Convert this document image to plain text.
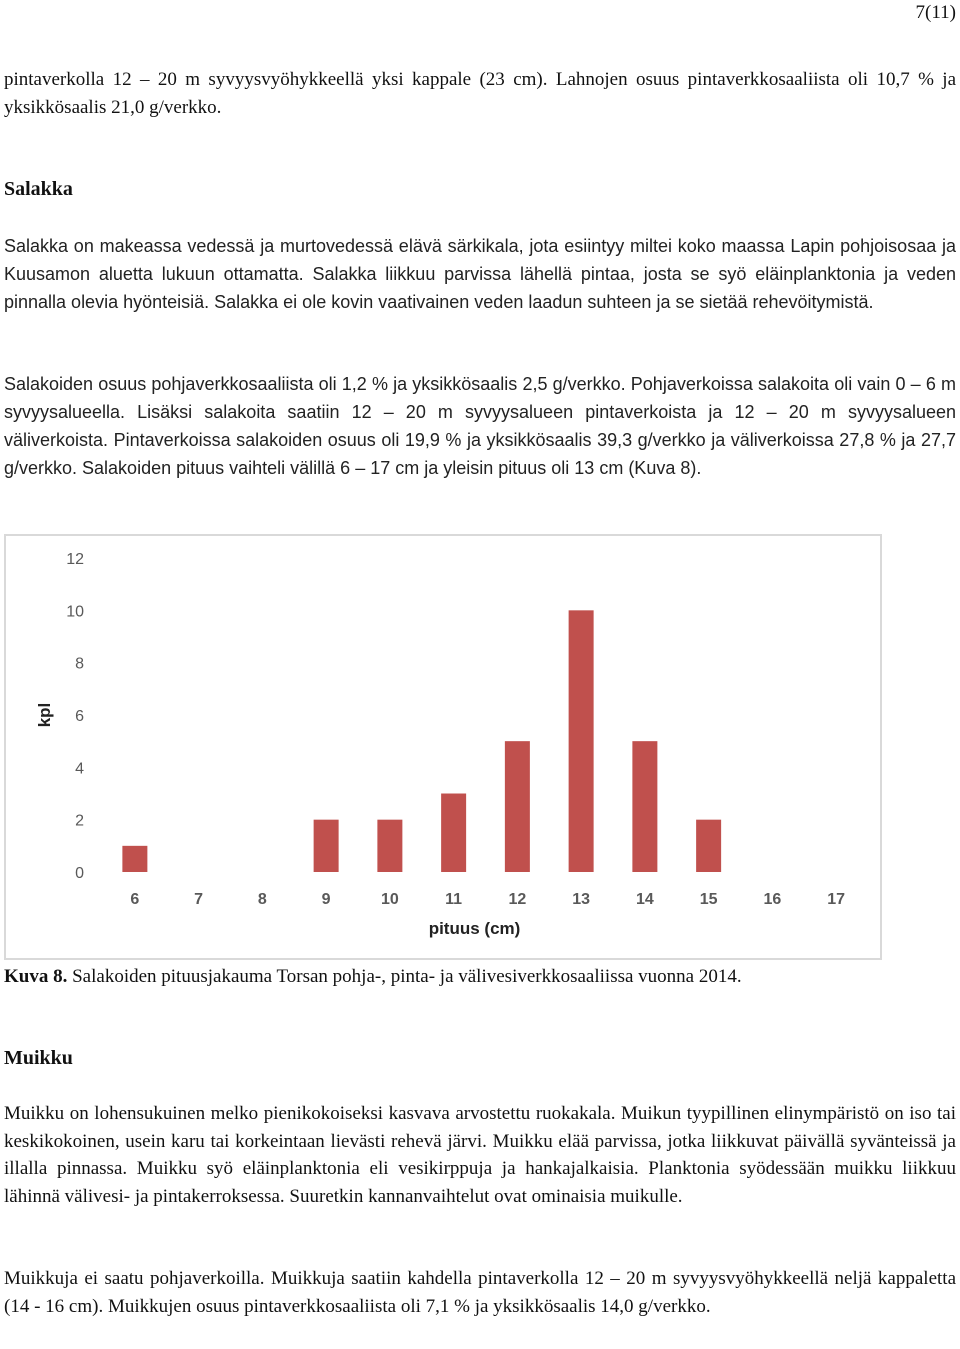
7(11)

pintaverkolla 12 – 20 m syvyysvyöhykkeellä yksi kappale (23 cm). Lahnojen osuus pintaverkkosaaliista oli 10,7 % ja yksikkösaalis 21,0 g/verkko.

Salakka

Salakka on makeassa vedessä ja murtovedessä elävä särkikala, jota esiintyy miltei koko maassa Lapin pohjoisosaa ja Kuusamon aluetta lukuun ottamatta. Salakka liikkuu parvissa lähellä pintaa, josta se syö eläinplanktonia ja veden pinnalla olevia hyönteisiä. Salakka ei ole kovin vaativainen veden laadun suhteen ja se sietää rehevöitymistä.

Salakoiden osuus pohjaverkkosaaliista oli 1,2 % ja yksikkösaalis 2,5 g/verkko. Pohjaverkoissa salakoita oli vain 0 – 6 m syvyysalueella. Lisäksi salakoita saatiin 12 – 20 m syvyysalueen pintaverkoista ja 12 – 20 m syvyysalueen väliverkoista. Pintaverkoissa salakoiden osuus oli 19,9 % ja yksikkösaalis 39,3 g/verkko ja väliverkoissa 27,8 % ja 27,7 g/verkko. Salakoiden pituus vaihteli välillä 6 – 17 cm ja yleisin pituus oli 13 cm (Kuva 8).

0
2
4
6
8
10
12
kpl
6	7	8	9	10	11	12	13	14	15	16	17
pituus (cm)

Kuva 8. Salakoiden pituusjakauma Torsan pohja-, pinta- ja välivesiverkkosaaliissa vuonna 2014.

Muikku

Muikku on lohensukuinen melko pienikokoiseksi kasvava arvostettu ruokakala. Muikun tyypillinen elinympäristö on iso tai keskikokoinen, usein karu tai korkeintaan lievästi rehevä järvi. Muikku elää parvissa, jotka liikkuvat päivällä syvänteissä ja illalla pinnassa. Muikku syö eläinplanktonia eli vesikirppuja ja hankajalkaisia. Planktonia syödessään muikku liikkuu lähinnä välivesi- ja pintakerroksessa. Suuretkin kannanvaihtelut ovat ominaisia muikulle.

Muikkuja ei saatu pohjaverkoilla. Muikkuja saatiin kahdella pintaverkolla 12 – 20 m syvyysvyöhykkeellä neljä kappaletta (14 - 16 cm). Muikkujen osuus pintaverkkosaaliista oli 7,1 % ja yksikkösaalis 14,0 g/verkko.
